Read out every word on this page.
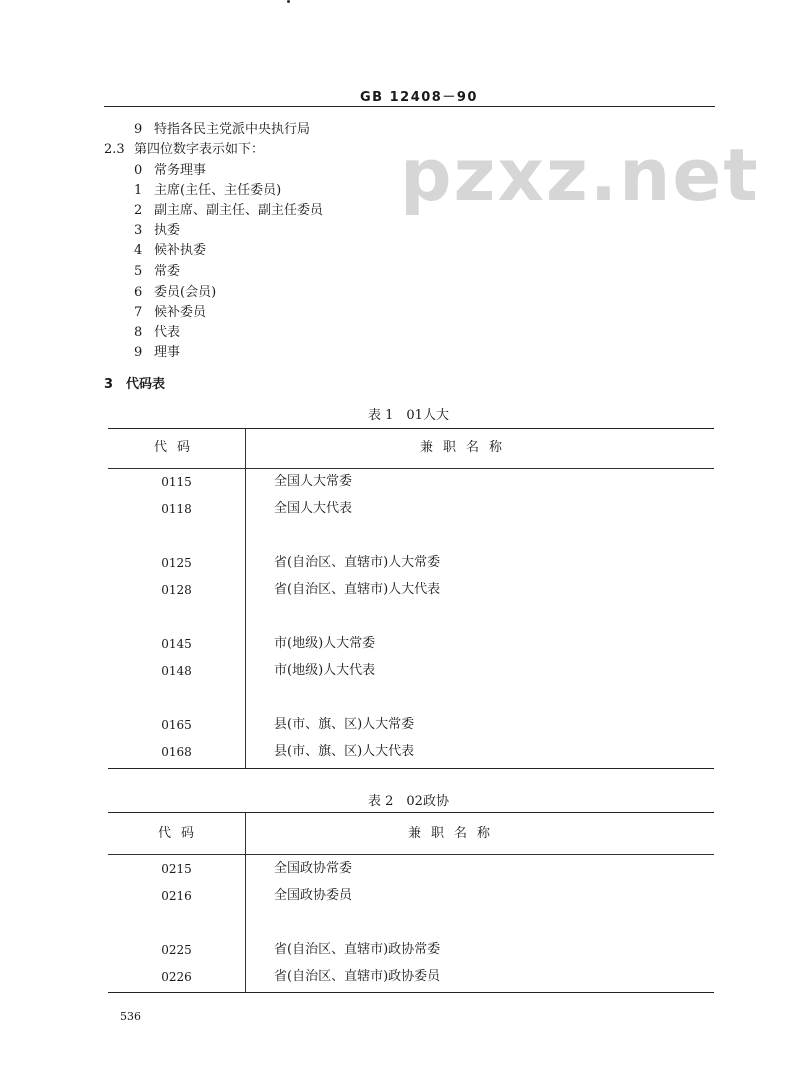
GB 12408－90
pzxz.net
9 特指各民主党派中央执行局
2.3 第四位数字表示如下：
0 常务理事
1 主席(主任、主任委员)
2 副主席、副主任、副主任委员
3 执委
4 候补执委
5 常委
6 委员(会员)
7 候补委员
8 代表
9 理事
3 代码表
表 1　01人大
代码	兼职名称
0115	全国人大常委
0118	全国人大代表
0125	省(自治区、直辖市)人大常委
0128	省(自治区、直辖市)人大代表
0145	市(地级)人大常委
0148	市(地级)人大代表
0165	县(市、旗、区)人大常委
0168	县(市、旗、区)人大代表
表 2　02政协
代码	兼职名称
0215	全国政协常委
0216	全国政协委员
0225	省(自治区、直辖市)政协常委
0226	省(自治区、直辖市)政协委员
536
